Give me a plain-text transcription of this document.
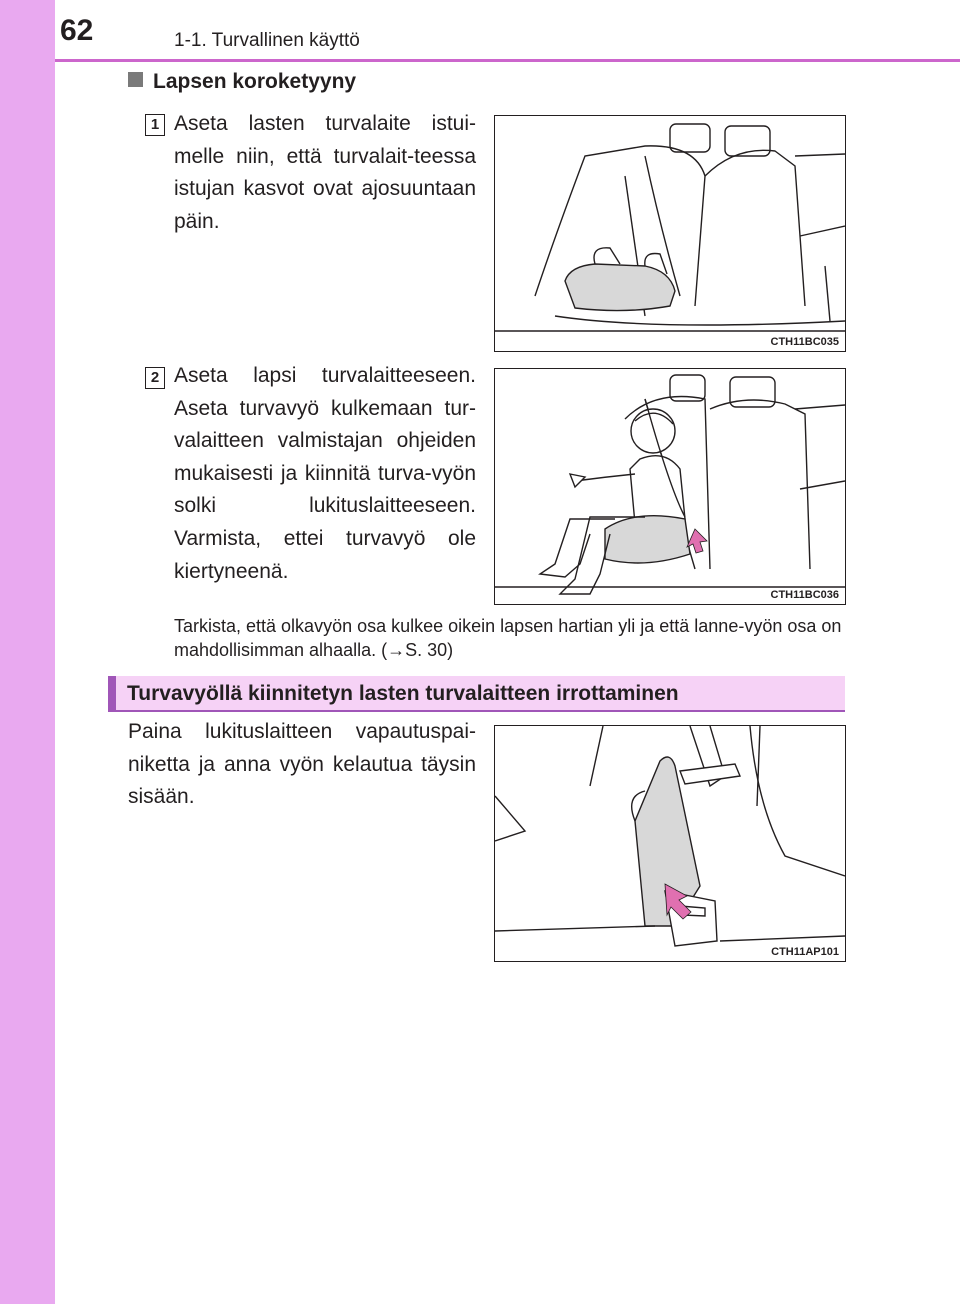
62	1-1. Turvallinen käyttö
Lapsen koroketyyny
1 Aseta lasten turvalaite istui-melle niin, että turvalait-teessa istujan kasvot ovat ajosuuntaan päin.
CTH11BC035
2 Aseta lapsi turvalaitteeseen. Aseta turvavyö kulkemaan tur-valaitteen valmistajan ohjeiden mukaisesti ja kiinnitä turva-vyön solki lukituslaitteeseen. Varmista, ettei turvavyö ole kiertyneenä.
CTH11BC036
Tarkista, että olkavyön osa kulkee oikein lapsen hartian yli ja että lanne-vyön osa on mahdollisimman alhaalla. (→S. 30)
Turvavyöllä kiinnitetyn lasten turvalaitteen irrottaminen
Paina lukituslaitteen vapautuspai-niketta ja anna vyön kelautua täysin sisään.
CTH11AP101
